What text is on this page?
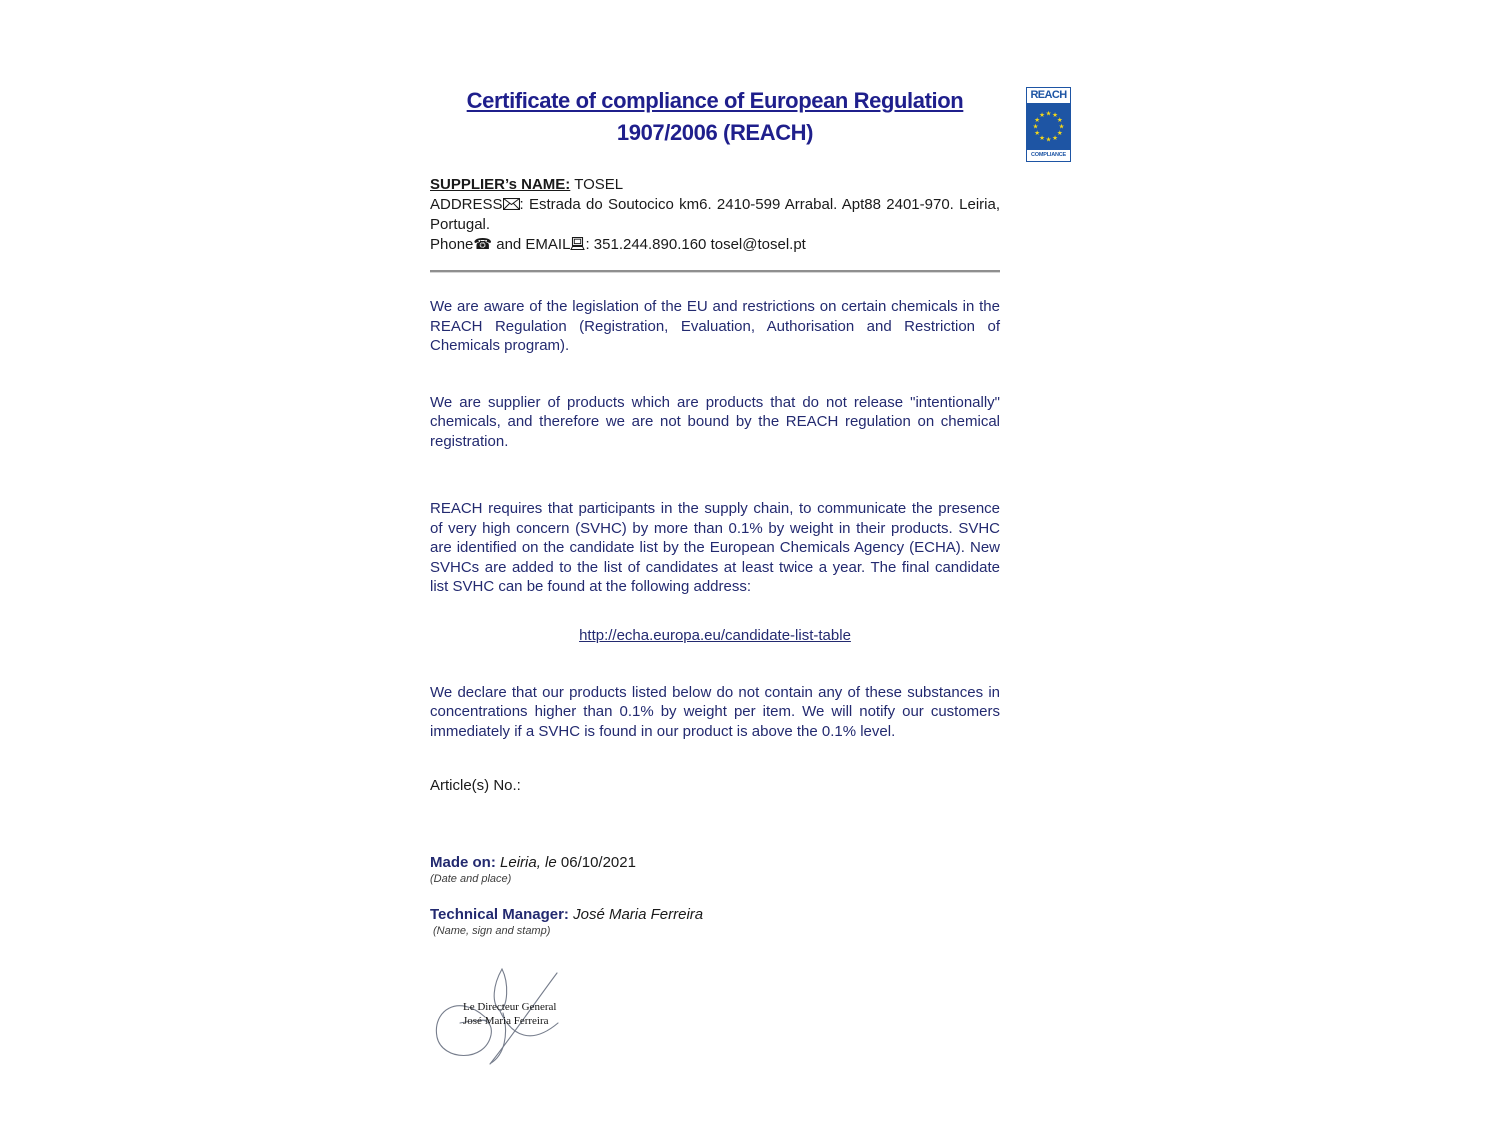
REACH
★ ★
★
★
★
★
★
★
★
★
★
★
COMPLIANCE
Certificate of compliance of European Regulation
1907/2006 (REACH)
SUPPLIER’s NAME: TOSEL
ADDRESS : Estrada do Soutocico km6. 2410-599 Arrabal. Apt88 2401-970. Leiria, Portugal.
Phone☎ and EMAIL : 351.244.890.160 tosel@tosel.pt
We are aware of the legislation of the EU and restrictions on certain chemicals in the REACH Regulation (Registration, Evaluation, Authorisation and Restriction of Chemicals program).
We are supplier of products which are products that do not release "intentionally" chemicals, and therefore we are not bound by the REACH regulation on chemical registration.
REACH requires that participants in the supply chain, to communicate the presence of very high concern (SVHC) by more than 0.1% by weight in their products. SVHC are identified on the candidate list by the European Chemicals Agency (ECHA). New SVHCs are added to the list of candidates at least twice a year. The final candidate list SVHC can be found at the following address:
http://echa.europa.eu/candidate-list-table
We declare that our products listed below do not contain any of these substances in concentrations higher than 0.1% by weight per item. We will notify our customers immediately if a SVHC is found in our product is above the 0.1% level.
Article(s) No.:
Made on: Leiria, le 06/10/2021
(Date and place)
Technical Manager: José Maria Ferreira
(Name, sign and stamp)
Le Directeur General
José Maria Ferreira
